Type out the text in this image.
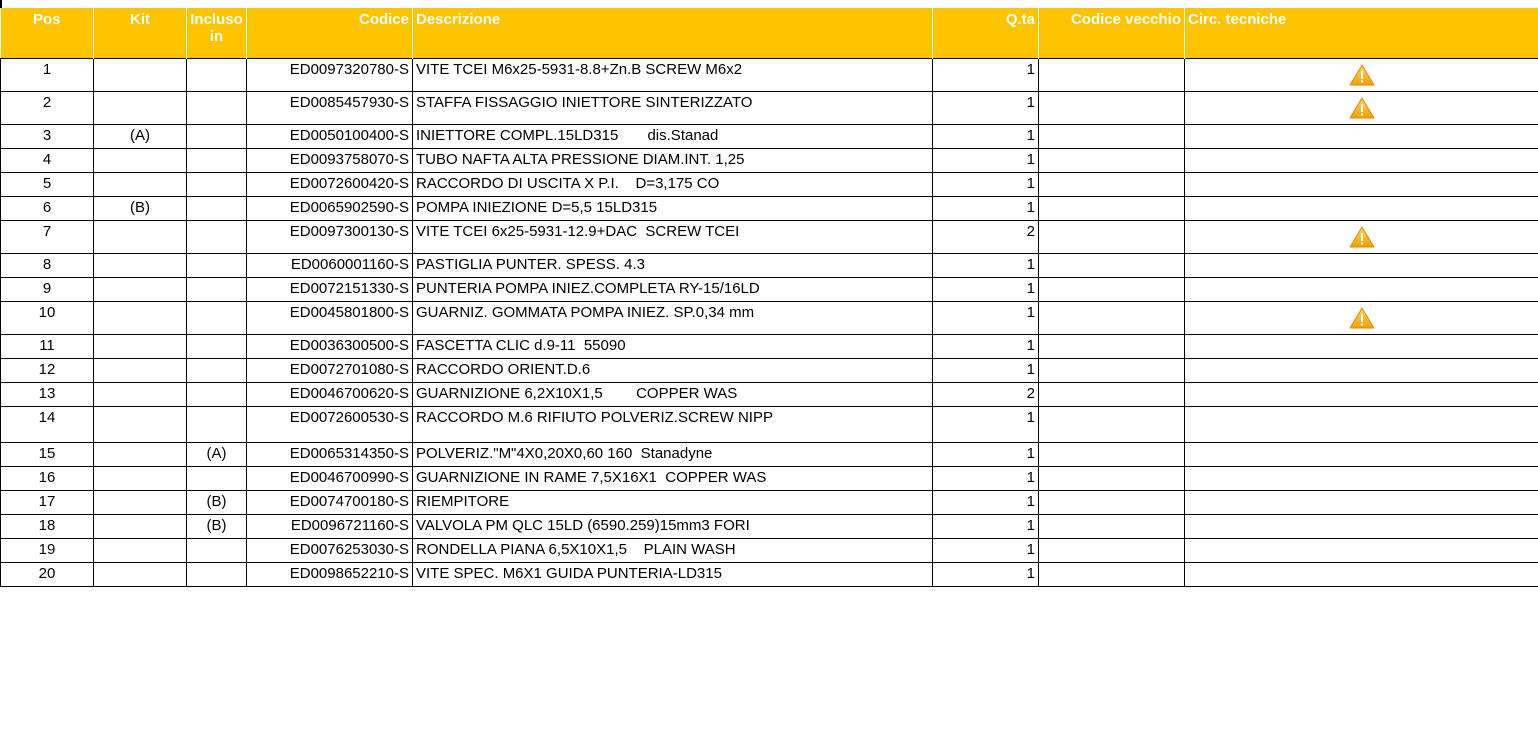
Pos	Kit	Incluso in	Codice	Descrizione	Q.ta	Codice vecchio	Circ. tecniche
1			ED0097320780-S	VITE TCEI M6x25-5931-8.8+Zn.B SCREW M6x2	1		
2			ED0085457930-S	STAFFA FISSAGGIO INIETTORE SINTERIZZATO	1		
3	(A)		ED0050100400-S	INIETTORE COMPL.15LD315       dis.Stanad	1		
4			ED0093758070-S	TUBO NAFTA ALTA PRESSIONE DIAM.INT. 1,25	1		
5			ED0072600420-S	RACCORDO DI USCITA X P.I.    D=3,175 CO	1		
6	(B)		ED0065902590-S	POMPA INIEZIONE D=5,5 15LD315	1		
7			ED0097300130-S	VITE TCEI 6x25-5931-12.9+DAC  SCREW TCEI	2		
8			ED0060001160-S	PASTIGLIA PUNTER. SPESS. 4.3	1		
9			ED0072151330-S	PUNTERIA POMPA INIEZ.COMPLETA RY-15/16LD	1		
10			ED0045801800-S	GUARNIZ. GOMMATA POMPA INIEZ. SP.0,34 mm	1		
11			ED0036300500-S	FASCETTA CLIC d.9-11  55090	1		
12			ED0072701080-S	RACCORDO ORIENT.D.6	1		
13			ED0046700620-S	GUARNIZIONE 6,2X10X1,5        COPPER WAS	2		
14			ED0072600530-S	RACCORDO M.6 RIFIUTO POLVERIZ.SCREW NIPP	1		
15		(A)	ED0065314350-S	POLVERIZ."M"4X0,20X0,60 160  Stanadyne	1		
16			ED0046700990-S	GUARNIZIONE IN RAME 7,5X16X1  COPPER WAS	1		
17		(B)	ED0074700180-S	RIEMPITORE	1		
18		(B)	ED0096721160-S	VALVOLA PM QLC 15LD (6590.259)15mm3 FORI	1		
19			ED0076253030-S	RONDELLA PIANA 6,5X10X1,5    PLAIN WASH	1		
20			ED0098652210-S	VITE SPEC. M6X1 GUIDA PUNTERIA-LD315	1		
